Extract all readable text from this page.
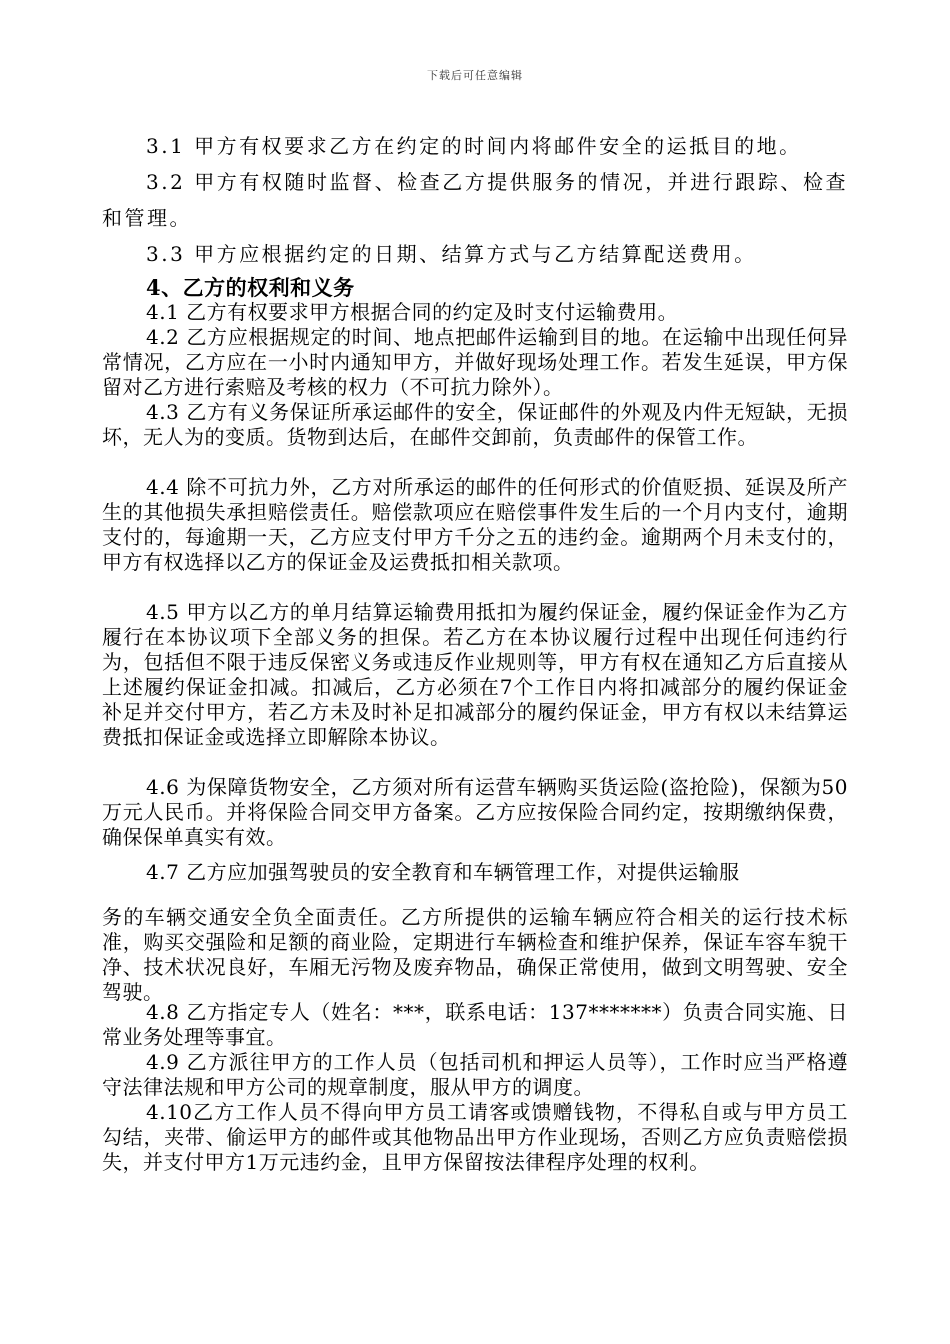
下载后可任意编辑
3.1 甲方有权要求乙方在约定的时间内将邮件安全的运抵目的地。
3.2 甲方有权随时监督、检查乙方提供服务的情况，并进行跟踪、检查和管理。
3.3 甲方应根据约定的日期、结算方式与乙方结算配送费用。
4、乙方的权利和义务
4.1 乙方有权要求甲方根据合同的约定及时支付运输费用。
4.2 乙方应根据规定的时间、地点把邮件运输到目的地。在运输中出现任何异常情况，乙方应在一小时内通知甲方，并做好现场处理工作。若发生延误，甲方保留对乙方进行索赔及考核的权力（不可抗力除外）。
4.3 乙方有义务保证所承运邮件的安全，保证邮件的外观及内件无短缺，无损坏，无人为的变质。货物到达后，在邮件交卸前，负责邮件的保管工作。
4.4 除不可抗力外，乙方对所承运的邮件的任何形式的价值贬损、延误及所产生的其他损失承担赔偿责任。赔偿款项应在赔偿事件发生后的一个月内支付，逾期支付的，每逾期一天，乙方应支付甲方千分之五的违约金。逾期两个月未支付的，甲方有权选择以乙方的保证金及运费抵扣相关款项。
4.5 甲方以乙方的单月结算运输费用抵扣为履约保证金，履约保证金作为乙方履行在本协议项下全部义务的担保。若乙方在本协议履行过程中出现任何违约行为，包括但不限于违反保密义务或违反作业规则等，甲方有权在通知乙方后直接从上述履约保证金扣减。扣减后，乙方必须在7个工作日内将扣减部分的履约保证金补足并交付甲方，若乙方未及时补足扣减部分的履约保证金，甲方有权以未结算运费抵扣保证金或选择立即解除本协议。
4.6 为保障货物安全，乙方须对所有运营车辆购买货运险(盗抢险)，保额为50万元人民币。并将保险合同交甲方备案。乙方应按保险合同约定，按期缴纳保费，确保保单真实有效。
4.7 乙方应加强驾驶员的安全教育和车辆管理工作，对提供运输服
务的车辆交通安全负全面责任。乙方所提供的运输车辆应符合相关的运行技术标准，购买交强险和足额的商业险，定期进行车辆检查和维护保养，保证车容车貌干净、技术状况良好，车厢无污物及废弃物品，确保正常使用，做到文明驾驶、安全驾驶。
4.8 乙方指定专人（姓名：***，联系电话：137*******）负责合同实施、日常业务处理等事宜。
4.9 乙方派往甲方的工作人员（包括司机和押运人员等），工作时应当严格遵守法律法规和甲方公司的规章制度，服从甲方的调度。
4.10乙方工作人员不得向甲方员工请客或馈赠钱物，不得私自或与甲方员工勾结，夹带、偷运甲方的邮件或其他物品出甲方作业现场，否则乙方应负责赔偿损失，并支付甲方1万元违约金，且甲方保留按法律程序处理的权利。
